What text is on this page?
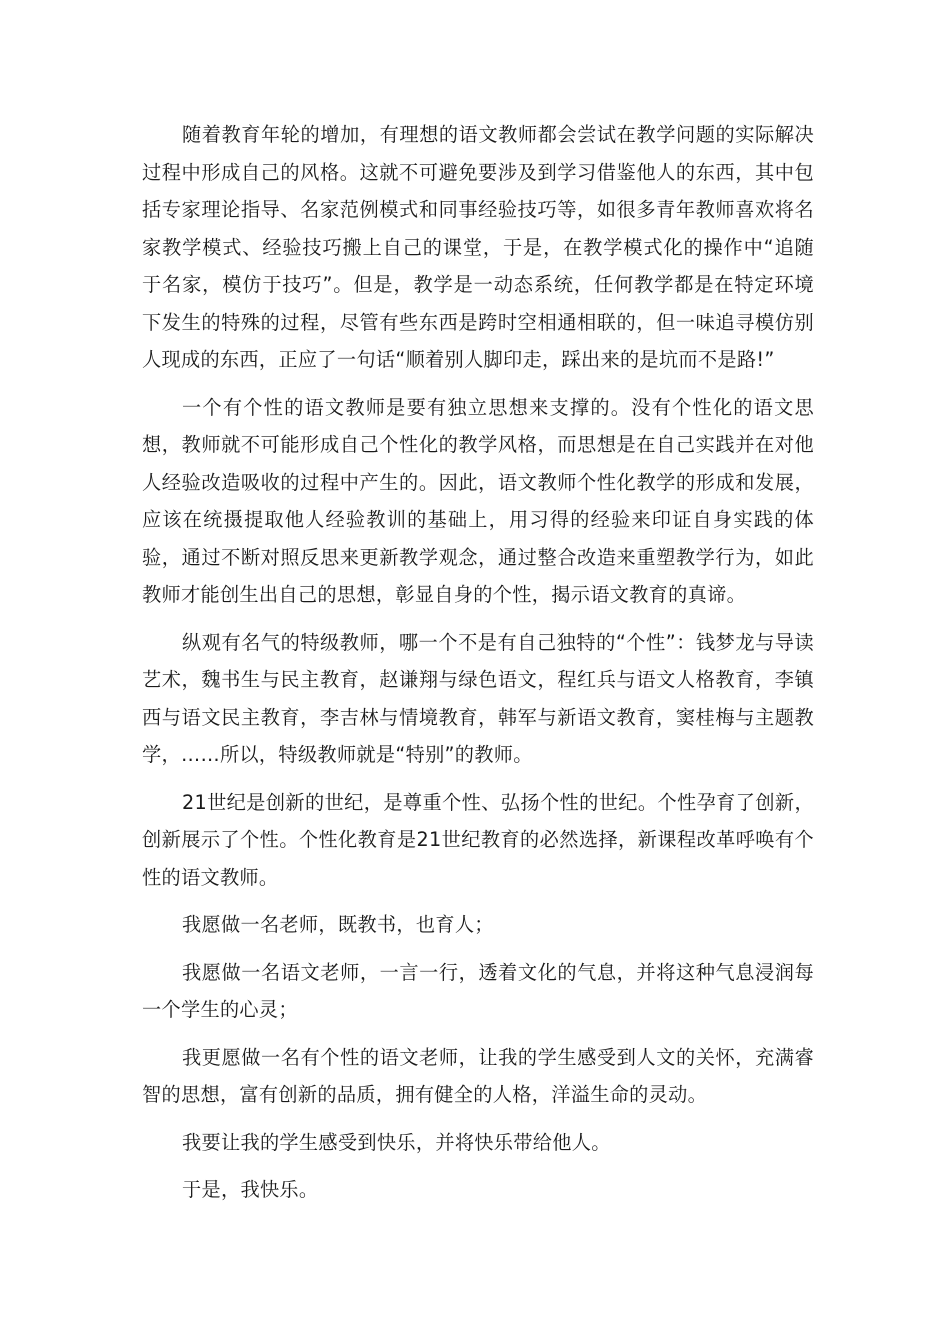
随着教育年轮的增加，有理想的语文教师都会尝试在教学问题的实际解决过程中形成自己的风格。这就不可避免要涉及到学习借鉴他人的东西，其中包括专家理论指导、名家范例模式和同事经验技巧等，如很多青年教师喜欢将名家教学模式、经验技巧搬上自己的课堂，于是，在教学模式化的操作中“追随于名家，模仿于技巧”。但是，教学是一动态系统，任何教学都是在特定环境下发生的特殊的过程，尽管有些东西是跨时空相通相联的，但一味追寻模仿别人现成的东西，正应了一句话“顺着别人脚印走，踩出来的是坑而不是路!”

一个有个性的语文教师是要有独立思想来支撑的。没有个性化的语文思想，教师就不可能形成自己个性化的教学风格，而思想是在自己实践并在对他人经验改造吸收的过程中产生的。因此，语文教师个性化教学的形成和发展，应该在统摄提取他人经验教训的基础上，用习得的经验来印证自身实践的体验，通过不断对照反思来更新教学观念，通过整合改造来重塑教学行为，如此教师才能创生出自己的思想，彰显自身的个性，揭示语文教育的真谛。

纵观有名气的特级教师，哪一个不是有自己独特的“个性”：钱梦龙与导读艺术，魏书生与民主教育，赵谦翔与绿色语文，程红兵与语文人格教育，李镇西与语文民主教育，李吉林与情境教育，韩军与新语文教育，窦桂梅与主题教学，……所以，特级教师就是“特别”的教师。

21世纪是创新的世纪，是尊重个性、弘扬个性的世纪。个性孕育了创新，创新展示了个性。个性化教育是21世纪教育的必然选择，新课程改革呼唤有个性的语文教师。

我愿做一名老师，既教书，也育人；

我愿做一名语文老师，一言一行，透着文化的气息，并将这种气息浸润每一个学生的心灵；

我更愿做一名有个性的语文老师，让我的学生感受到人文的关怀，充满睿智的思想，富有创新的品质，拥有健全的人格，洋溢生命的灵动。

我要让我的学生感受到快乐，并将快乐带给他人。

于是，我快乐。
